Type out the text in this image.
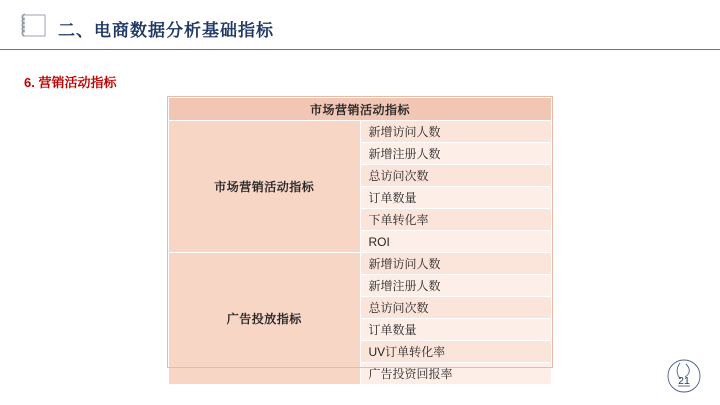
二、电商数据分析基础指标
6. 营销活动指标
市场营销活动指标	
市场营销活动指标	新增访问人数
	新增注册人数
	总访问次数
	订单数量
	下单转化率
	ROI
广告投放指标	新增访问人数
	新增注册人数
	总访问次数
	订单数量
	UV订单转化率
	广告投资回报率	21
